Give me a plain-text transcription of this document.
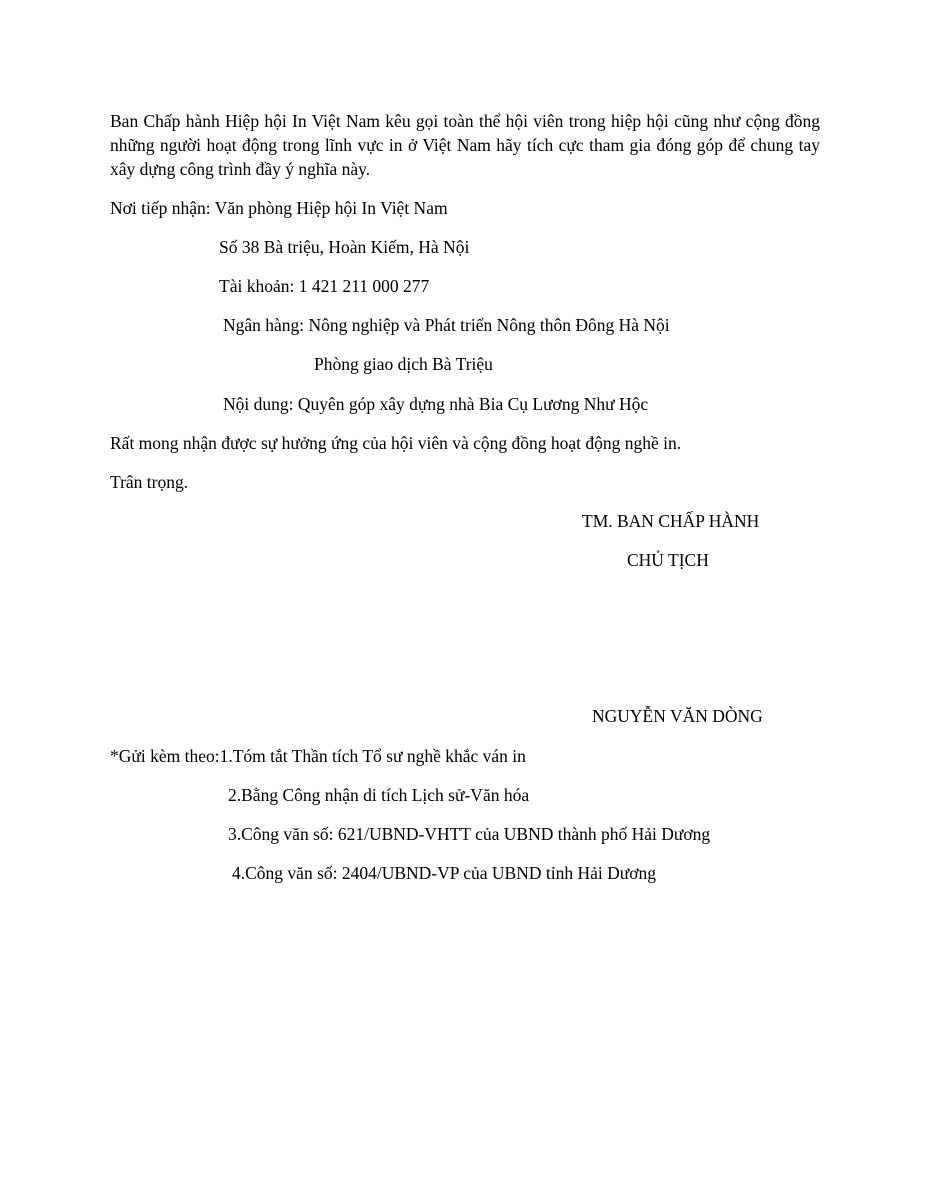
Ban Chấp hành Hiệp hội In Việt Nam kêu gọi toàn thể hội viên trong hiệp hội cũng như cộng đồng những người hoạt động trong lĩnh vực in ở Việt Nam hãy tích cực tham gia đóng góp để chung tay xây dựng công trình đầy ý nghĩa này.
Nơi tiếp nhận: Văn phòng Hiệp hội In Việt Nam
Số 38 Bà triệu, Hoàn Kiếm, Hà Nội
Tài khoản: 1 421 211 000 277
Ngân hàng: Nông nghiệp và Phát triển Nông thôn Đông Hà Nội
Phòng giao dịch Bà Triệu
Nội dung: Quyên góp xây dựng nhà Bia Cụ Lương Như Hộc
Rất mong nhận được sự hưởng ứng của hội viên và cộng đồng hoạt động nghề in.
Trân trọng.
TM. BAN CHẤP HÀNH
CHỦ TỊCH
NGUYỄN VĂN DÒNG
*Gửi kèm theo:1.Tóm tắt Thần tích Tổ sư nghề khắc ván in
2.Bằng Công nhận di tích Lịch sử-Văn hóa
3.Công văn số: 621/UBND-VHTT của UBND thành phố Hải Dương
4.Công văn số: 2404/UBND-VP của UBND tỉnh Hải Dương
